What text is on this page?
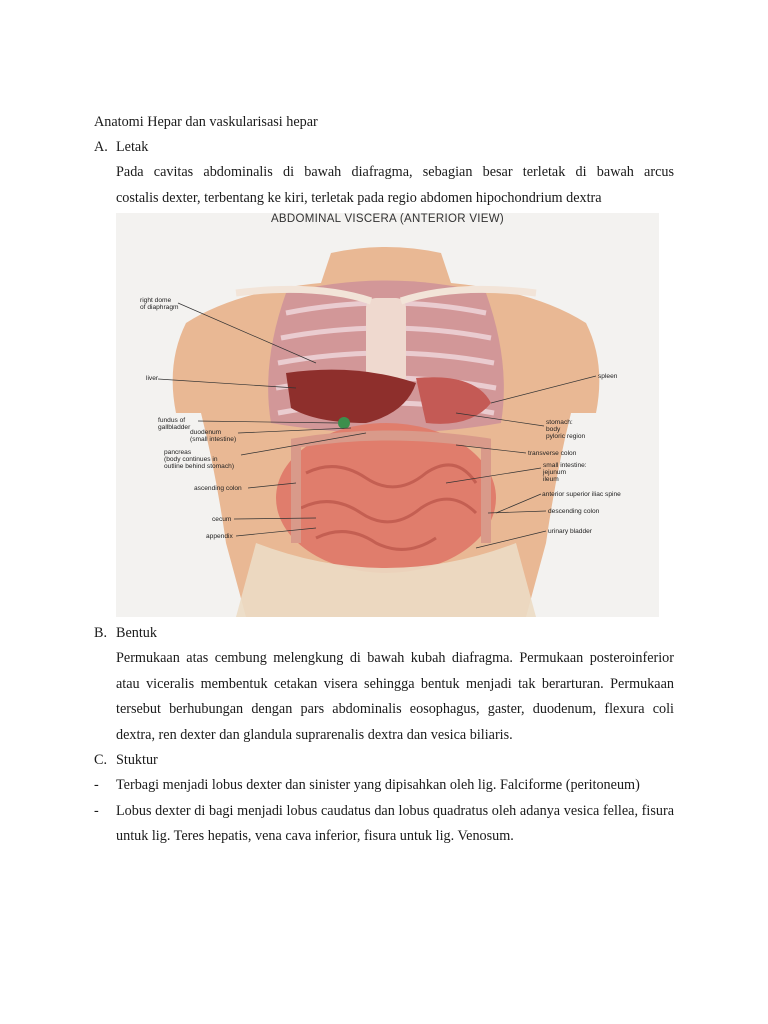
Anatomi Hepar dan vaskularisasi hepar
A. Letak
Pada cavitas abdominalis di bawah diafragma, sebagian besar terletak di bawah arcus
costalis dexter, terbentang ke kiri, terletak pada regio abdomen hipochondrium dextra
ABDOMINAL VISCERA (ANTERIOR VIEW)
right dome
of diaphragm
liver
fundus of
gallbladder
duodenum
(small intestine)
pancreas
(body continues in
outline behind stomach)
ascending colon
cecum
appendix
spleen
stomach:
body
pyloric region
transverse colon
small intestine:
jejunum
ileum
anterior superior iliac spine
descending colon
urinary bladder
B. Bentuk
Permukaan atas cembung melengkung di bawah kubah diafragma. Permukaan posteroinferior atau viceralis membentuk cetakan visera sehingga bentuk menjadi tak berarturan. Permukaan tersebut berhubungan dengan pars abdominalis eosophagus, gaster, duodenum, flexura coli dextra, ren dexter dan glandula suprarenalis dextra dan vesica biliaris.
C. Stuktur
-	Terbagi menjadi lobus dexter dan sinister yang dipisahkan oleh lig. Falciforme (peritoneum)
-	Lobus dexter di bagi menjadi lobus caudatus dan lobus quadratus oleh adanya vesica fellea, fisura untuk lig. Teres hepatis, vena cava inferior, fisura untuk lig. Venosum.
